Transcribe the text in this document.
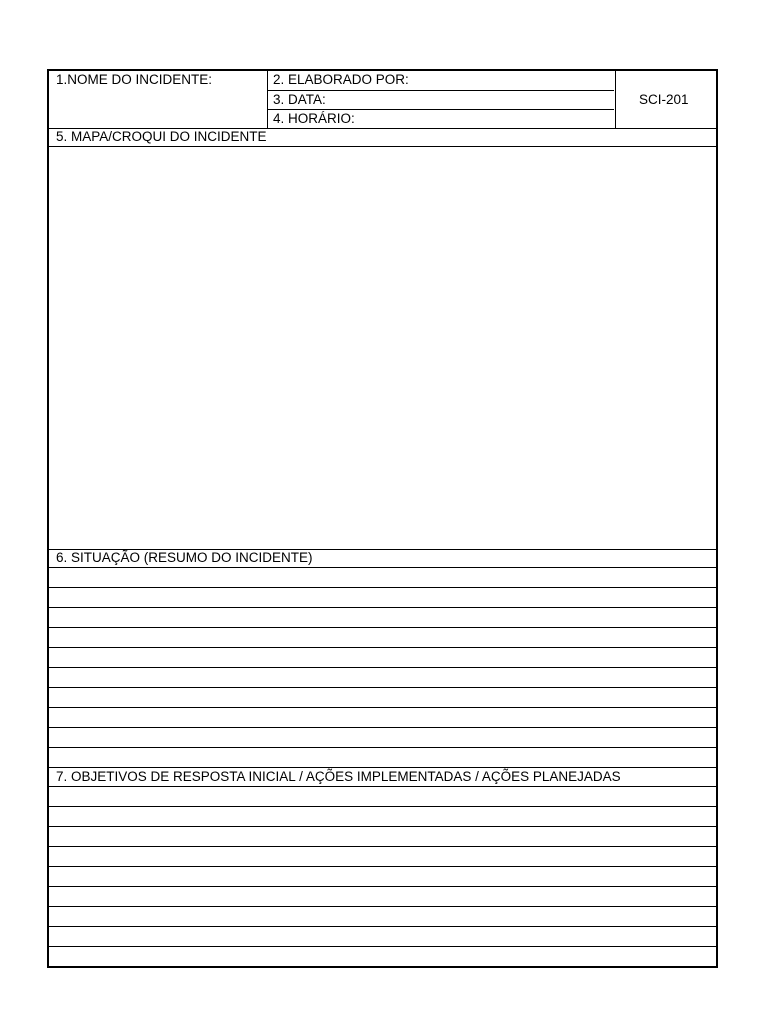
1.NOME DO INCIDENTE:	2. ELABORADO POR:
3. DATA:
4. HORÁRIO:
SCI-201
5. MAPA/CROQUI DO INCIDENTE
6. SITUAÇÃO (RESUMO DO INCIDENTE)
7. OBJETIVOS DE RESPOSTA INICIAL / AÇÕES IMPLEMENTADAS / AÇÕES PLANEJADAS
